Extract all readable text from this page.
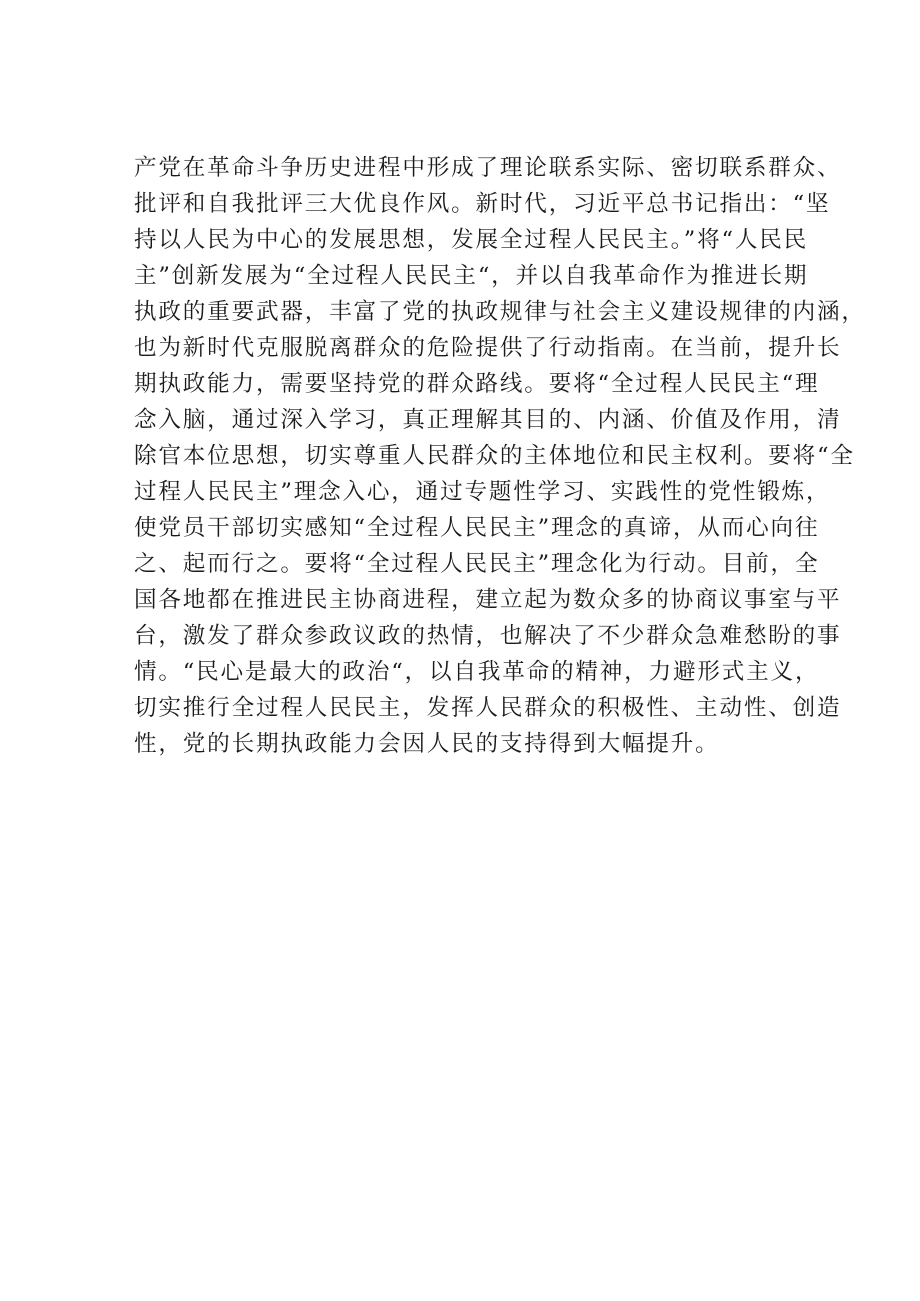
产党在革命斗争历史进程中形成了理论联系实际、密切联系群众、
批评和自我批评三大优良作风。新时代，习近平总书记指出：“坚
持以人民为中心的发展思想，发展全过程人民民主。”将“人民民
主”创新发展为“全过程人民民主“，并以自我革命作为推进长期
执政的重要武器，丰富了党的执政规律与社会主义建设规律的内涵，
也为新时代克服脱离群众的危险提供了行动指南。在当前，提升长
期执政能力，需要坚持党的群众路线。要将“全过程人民民主“理
念入脑，通过深入学习，真正理解其目的、内涵、价值及作用，清
除官本位思想，切实尊重人民群众的主体地位和民主权利。要将“全
过程人民民主”理念入心，通过专题性学习、实践性的党性锻炼，
使党员干部切实感知“全过程人民民主”理念的真谛，从而心向往
之、起而行之。要将“全过程人民民主”理念化为行动。目前，全
国各地都在推进民主协商进程，建立起为数众多的协商议事室与平
台，激发了群众参政议政的热情，也解决了不少群众急难愁盼的事
情。“民心是最大的政治“，以自我革命的精神，力避形式主义，
切实推行全过程人民民主，发挥人民群众的积极性、主动性、创造
性，党的长期执政能力会因人民的支持得到大幅提升。
